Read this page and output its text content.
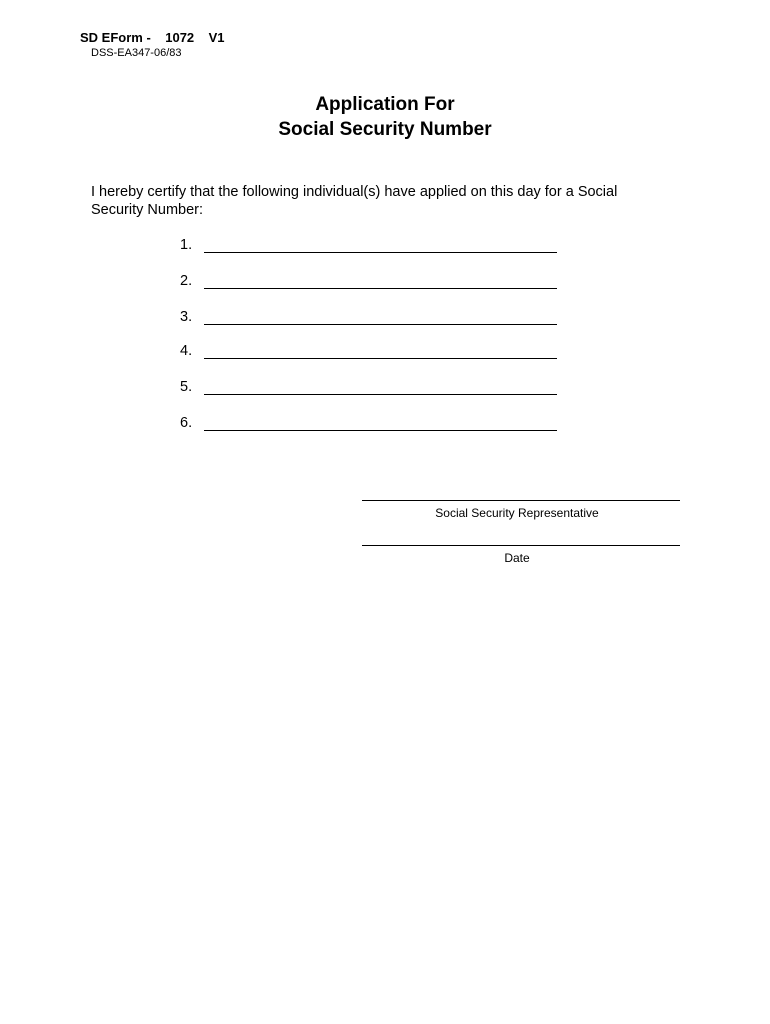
SD EForm -    1072    V1
DSS-EA347-06/83
Application For
Social Security Number
I hereby certify that the following individual(s) have applied on this day for a Social Security Number:
1.
2.
3.
4.
5.
6.
Social Security Representative
Date
